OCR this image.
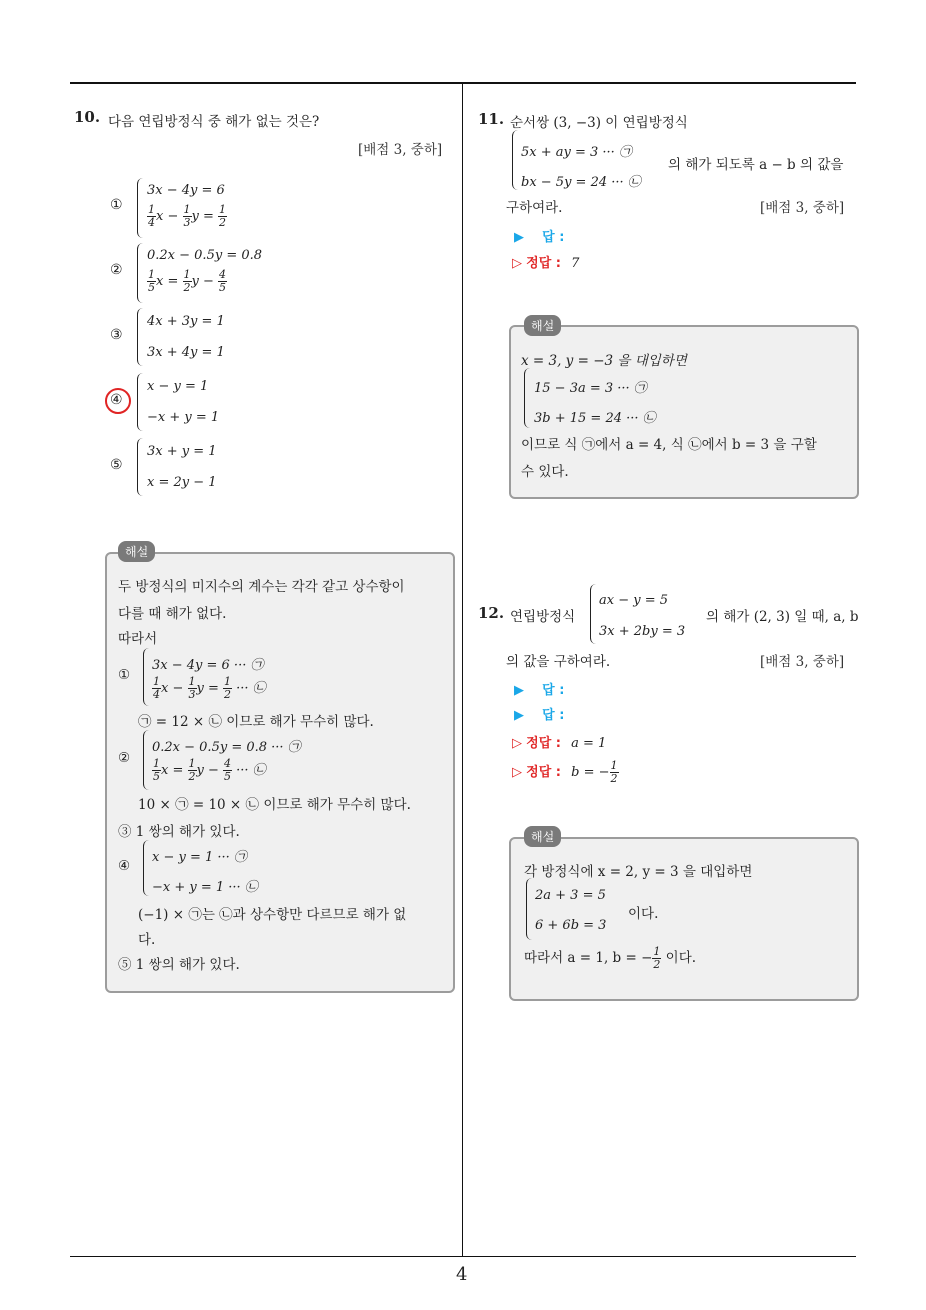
4
10. 다음 연립방정식 중 해가 없는 것은?
[배점 3, 중하]
①
3x − 4y = 6
$\frac{1}{4}$ $x - \frac{1}{3}$ $y = \frac{1}{2}$
②
0.2x − 0.5y = 0.8
$\frac{1}{5}$ $x = \frac{1}{2}$ $y - \frac{4}{5}$
③
4x + 3y = 1
3x + 4y = 1
④
x − y = 1
−x + y = 1
⑤
3x + y = 1
x = 2y − 1
해설
두 방정식의 미지수의 계수는 각각 같고 상수항이
다를 때 해가 없다.
따라서
①
3x − 4y = 6 ··· ㉠
$\frac{1}{4}$ $x - \frac{1}{3}$ $y = \frac{1}{2}$ ··· ㉡
㉠ = 12 × ㉡ 이므로 해가 무수히 많다.
②
0.2x − 0.5y = 0.8 ··· ㉠
$\frac{1}{5}$ $x = \frac{1}{2}$ $y - \frac{4}{5}$ ··· ㉡
10 × ㉠ = 10 × ㉡ 이므로 해가 무수히 많다.
③ 1 쌍의 해가 있다.
④
x − y = 1 ··· ㉠
−x + y = 1 ··· ㉡
(−1) × ㉠는 ㉡과 상수항만 다르므로 해가 없
다.
⑤ 1 쌍의 해가 있다.
11. 순서쌍 (3, −3) 이 연립방정식
5x + ay = 3 ··· ㉠
bx − 5y = 24 ··· ㉡
의 해가 되도록 a − b 의 값을
구하여라.	[배점 3, 중하]
▶ 답 :
▷ 정답 : 7
해설
x = 3, y = −3 을 대입하면
15 − 3a = 3 ··· ㉠
3b + 15 = 24 ··· ㉡
이므로 식 ㉠에서 a = 4, 식 ㉡에서 b = 3 을 구할
수 있다.
12. 연립방정식
ax − y = 5
3x + 2by = 3
의 해가 (2, 3) 일 때, a, b
의 값을 구하여라.	[배점 3, 중하]
▶ 답 :
▶ 답 :
▷ 정답 : a = 1
▷ 정답 : b = − $\frac{1}{2}$
해설
각 방정식에 x = 2, y = 3 을 대입하면
2a + 3 = 5
6 + 6b = 3
이다.
따라서 a = 1, b = − $\frac{1}{2}$ 이다.
